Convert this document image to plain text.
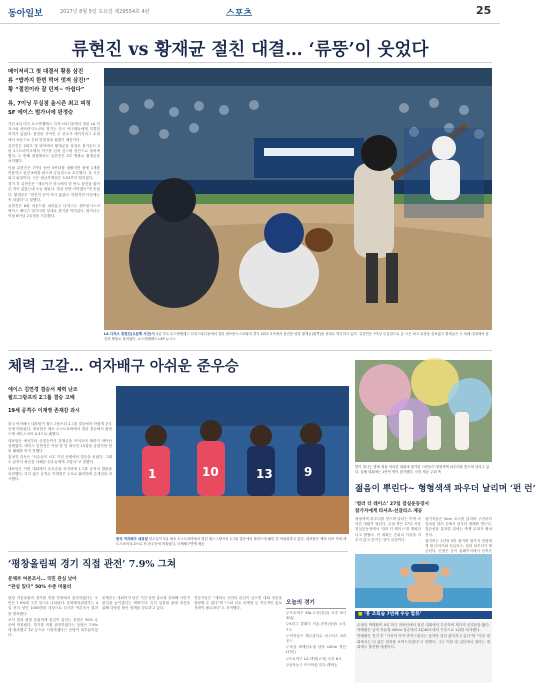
동아일보	2017년 8월 5일 토요일 제29554호 4판	스포츠	25
류현진 vs 황재균 절친 대결… ‘류뚱’이 웃었다
메이저리그 첫 대결서 황통 삼진
류 “밥까지 한번 먹어 멋져 삼진!”
황 “절친이라 잘 던져~ 아쉽다”
류, 7이닝 무실점 올시즌 최고 피칭
SF 에이스 범가너에 판정승

지난 4일 미국 로스앤젤레스 다저스타디움에서 열린 LA 다저스와 샌프란시스코의 경기는 한국 야구팬들에게 특별한 의미가 있었다. 절친한 사이인 두 선수가 메이저리그 무대에서 처음으로 투타 맞대결을 펼쳤기 때문이다.

류현진은 2회초 첫 타석에서 황재균을 상대로 볼카운트 2볼 2스트라이크에서 직구를 던져 헛스윙 삼진으로 돌려세웠다. 두 번째 대결에서도 류현진은 3루 땅볼로 황재균을 처리했다.

이날 류현진은 7이닝 동안 5안타를 내줬지만 볼넷 1개를 허용하고 삼진 8개를 잡으며 무실점으로 호투했다. 올 시즌 최고 피칭이다. 시즌 평균자책점은 3.53까지 떨어졌다.

경기 후 류현진은 “재균이가 한국에서 한 번도 삼진을 잡아본 적이 없었는데 오늘 잡았다. 밥을 한번 사야겠다”며 웃었다. 황재균은 “현진이 공이 역시 좋았다. 아쉽지만 다음에는 꼭 치겠다”고 말했다.

류현진은 8회 마운드를 내려갔고 다저스는 샌프란시스코 에이스 매디슨 범가너를 상대로 경기를 이어갔다. 범가너는 이날 6이닝 2실점을 기록했다.

LA 다저스 류현진(오른쪽 사진)이 4일 미국 로스앤젤레스 다저스타디움에서 열린 샌프란시스코와의 경기 2회초 2사에서 삼진을 당한 황재균(왼쪽)을 상대로 역투하고 있다. 류현진은 7이닝 무실점으로 올 시즌 최고 피칭을 선보였고 황재균은 두 차례 대결에서 삼진과 땅볼로 물러났다. 로스앤젤레스=AP 뉴시스
체력 고갈… 여자배구 아쉬운 준우승
에이스 김연경 결승서 체력 난조
월드그랑프리 2그룹 결승 고배
19세 공격수 이재영 존재감 과시

한국 여자배구 대표팀이 월드그랑프리 2그룹 결승에서 아쉽게 준우승에 머물렀다. 대표팀은 체코 오스트라바에서 열린 결승에서 폴란드에 세트스코어 0-3으로 패했다.

대표팀은 예선부터 준결승까지 강행군을 이어오며 체력이 바닥난 상태였다. 에이스 김연경은 이날 양 팀 최다인 15점을 올렸지만 팀의 패배를 막지 못했다.

홍성진 감독은 “선수들이 너무 지친 상태에서 결승을 치렀다. 그래도 끝까지 최선을 다해준 선수들에게 고맙다”고 말했다.

대표팀은 이번 대회에서 준우승을 차지하며 1그룹 승격의 발판을 마련했다. 특히 젊은 공격수 이재영은 주포로 활약하며 존재감을 과시했다.	1	10	13	9
한국 여자배구 대표팀 선수들이 5일 체코 오스트라바에서 열린 월드그랑프리 2그룹 결승에서 폴란드에 패한 뒤 아쉬워하고 있다. 대표팀은 체력 난조 속에 세트스코어 0-3으로 져 준우승에 머물렀다. 국제배구연맹 제공
별이 빛나는 밤에 청춘 마라톤 대회에 참가한 시민들이 형형색색 파우더를 맞으며 달리고 있다. 올해 대회에는 1만여 명이 참가했다. 사진 제공 주최 측
젊음이 뿌린다~ 형형색색 파우더 날리며 ‘펀 런’
‘컬러 더 레이스’ 27일 잠실운동장서
참가자에게 타셔츠-선글라스 제공

형형색색 파우더를 맞으며 달리는 이색 마라톤 대회가 열린다. 주최 측은 27일 서울 잠실운동장에서 ‘컬러 더 레이스’를 개최한다고 밝혔다. 이 대회는 순위나 기록을 겨루지 않고 즐기는 것이 특징이다.

참가자들은 5km 코스를 달리며 구간마다 설치된 컬러 존에서 파우더 세례를 받는다. 결승선을 통과한 뒤에는 축제 무대가 펼쳐진다.

참가비는 1인당 5만 원이며 참가자 전원에게 흰 티셔츠와 선글라스, 컬러 파우더가 제공된다. 신청은 공식 홈페이지에서 선착순

‘평창올림픽 경기 직접 관전’ 7.9% 그쳐
문체부 여론조사… 국민 관심 낮아
“관심 있다” 50% 수준 머물러

평창 겨울올림픽 경기를 직접 현장에서 관전하겠다는 국민은 7.9%에 그친 것으로 나타났다. 문화체육관광부는 4일 전국 성인 1000명을 대상으로 실시한 여론조사 결과를 발표했다.

조사 결과 평창 올림픽에 관심이 있다는 응답은 50% 수준에 머물렀다. 경기를 직접 관전하겠다는 응답은 7.9%에 불과했고 TV 등으로 시청하겠다는 응답이 대부분이었다.

문체부는 대회까지 남은 기간 동안 홍보를 강화해 국민적 관심을 높이겠다는 계획이다. 특히 입장권 판매 촉진을 위해 다양한 할인 정책을 검토하고 있다.

전문가들은 “개최국 국민의 관심이 낮으면 대회 성공을 장담할 수 없다”며 “스타 선수 마케팅 등 적극적인 홍보 전략이 필요하다”고 지적했다.

오늘의 경기

▽프로야구 KIA-두산(잠실) 오후 6시 30분

▽K리그 클래식 서울-전북(상암) 오후 7시

▽여자골프 제주삼다수 마스터스 3라운드

▽육상 세계선수권 남자 100m 결선(런던)

▽프로야구 LG-넥센(고척) 오후 6시

▽남자농구 아시아컵 한국-레바논

■ ‘흥 조회습 7번째 우승 합류’

수영의 박태환이 4일 미국 어바인에서 열린 대회에서 우승하며 재기의 신호탄을 쐈다. 박태환은 남자 자유형 400m 결승에서 3분46초대의 기록으로 1위를 차지했다.

박태환은 경기 후 “기록이 아직 만족스럽지는 않지만 점점 좋아지고 있다”며 “다음 대회에서는 더 좋은 결과를 보여드리겠다”고 말했다. 그는 이달 말 일본에서 열리는 대회에도 출전할 예정이다.
